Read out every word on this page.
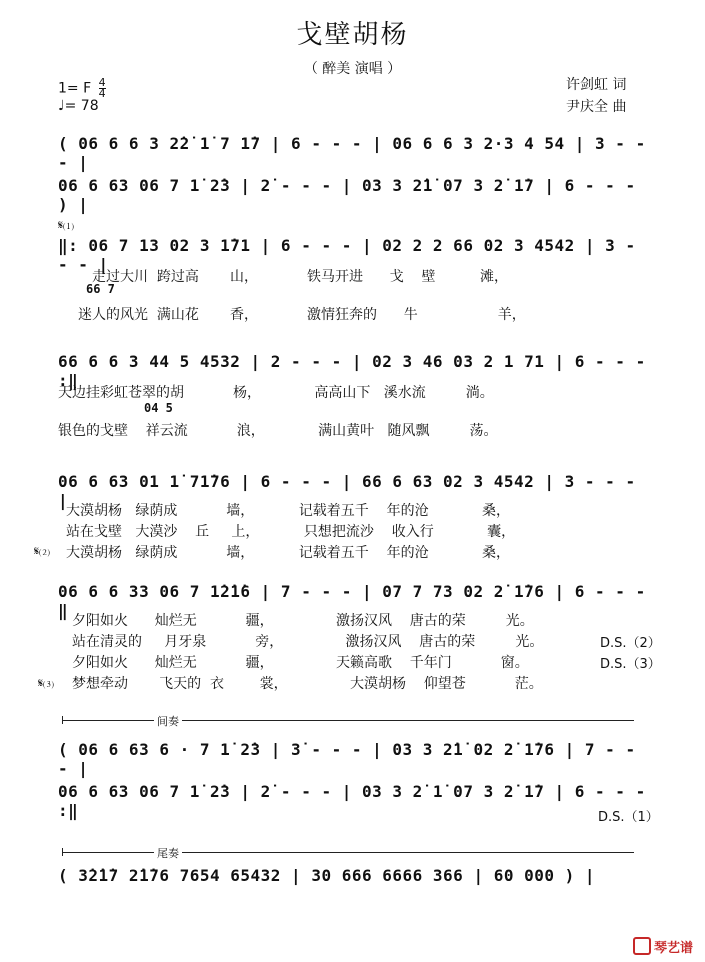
戈壁胡杨
（ 醉美 演唱 ）
1= F $\frac{4}{4}$
♩= 78
许剑虹 词
尹庆全 曲
( 06 6 6 3 2̇2̇ 1̇ 7 1̇7 | 6 - - - | 06 6 6 3 2·3 4 54 | 3 - - - |
06 6 63 06 7 1̇ 2̇3 | 2̇ - - - | 03 3 2̇1̇ 07 3 2̇ 1̇7 | 6 - - - ) |
𝄋⑴
‖: 06 7 13 02 3 1̇71 | 6 - - - | 02 2 2 66 02 3 4542 | 3 - - - |
走过大川  跨过高       山，           铁马开进      戈    壁          滩，
66 7
迷人的风光  满山花       香，           激情狂奔的      牛                  羊，
66 6 6 3 44 5 4532 | 2 - - - | 02 3 46 03 2 1 71 | 6 - - - :‖
天边挂彩虹苍翠的胡           杨，            高高山下   溪水流         淌。
04 5
银色的戈壁    祥云流           浪，            满山黄叶   随风飘         荡。
06 6 63 01 1̇ 71̇76 | 6 - - - | 66 6 63 02 3 4542 | 3 - - - |
大漠胡杨   绿荫成           墙，          记载着五千    年的沧            桑，
站在戈壁   大漠沙    丘     上，          只想把流沙    收入行            囊，
𝄋⑵ 大漠胡杨   绿荫成           墙，          记载着五千    年的沧            桑，
06 6 6 33 06 7 1̇2̇1̇6 | 7 - - - | 07 7 73 02 2̇ 1̇76 | 6 - - - ‖
夕阳如火      灿烂无           疆，              激扬汉风    唐古的荣         光。
站在清灵的     月牙泉           旁，              激扬汉风    唐古的荣         光。	D.S.（2）
夕阳如火      灿烂无           疆，              天籁高歌    千年门           窗。	D.S.（3）
𝄋⑶ 梦想牵动       飞天的  衣        裳，              大漠胡杨    仰望苍           茫。
间奏
( 06 6 63 6 · 7 1̇ 2̇3 | 3̇ - - - | 03 3 2̇1̇ 02 2̇ 1̇76 | 7 - - - |
06 6 63 06 7 1̇ 2̇3 | 2̇ - - - | 03 3 2̇ 1̇ 07 3 2̇ 1̇7 | 6 - - - :‖	D.S.（1）
尾奏
( 3̇2̇1̇7 2̇1̇76 7654 65432 | 30 666 6666 366 | 60 000 ) |
琴艺谱
